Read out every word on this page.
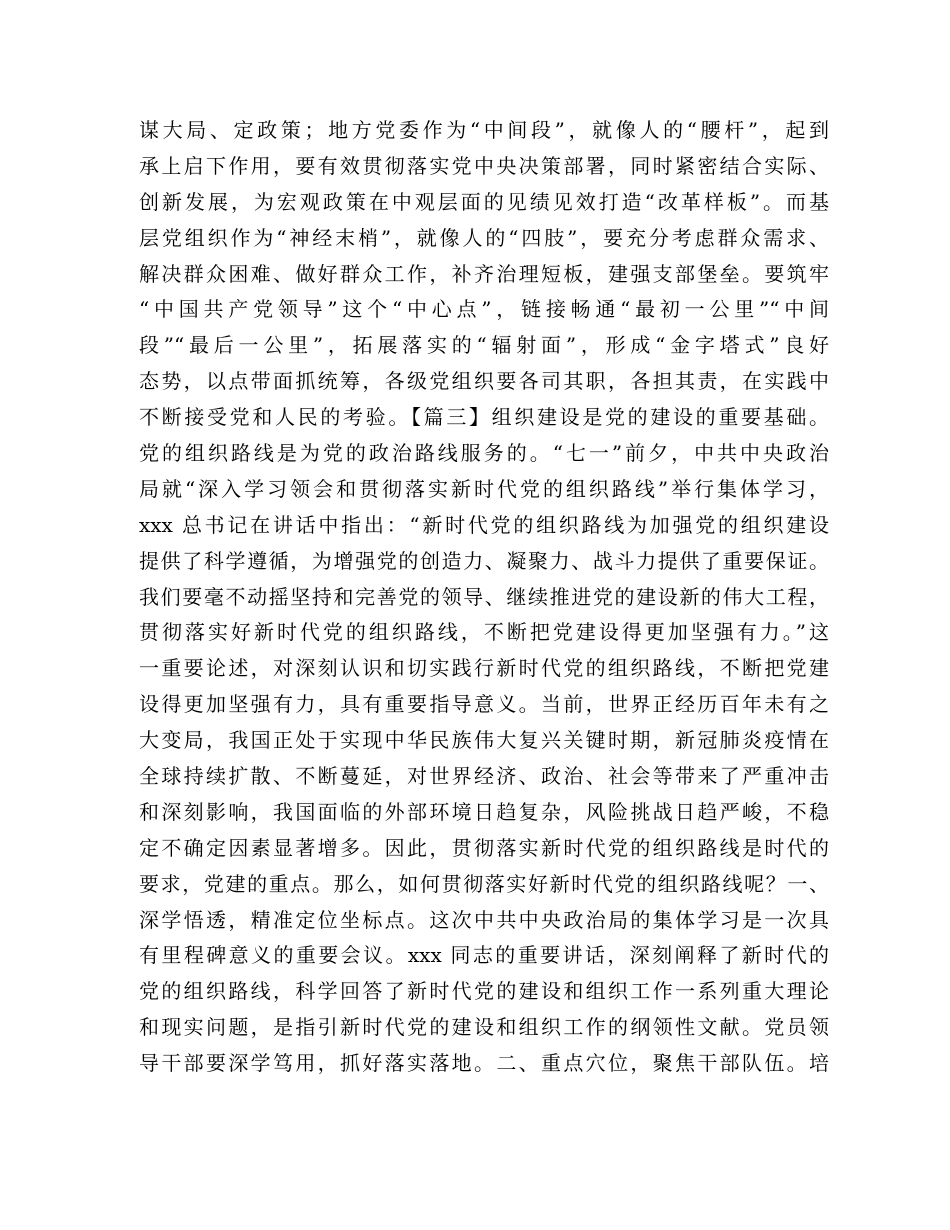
谋大局、定政策；地方党委作为“中间段”，就像人的“腰杆”，起到
承上启下作用，要有效贯彻落实党中央决策部署，同时紧密结合实际、
创新发展，为宏观政策在中观层面的见绩见效打造“改革样板”。而基
层党组织作为“神经末梢”，就像人的“四肢”，要充分考虑群众需求、
解决群众困难、做好群众工作，补齐治理短板，建强支部堡垒。要筑牢
“中国共产党领导”这个“中心点”，链接畅通“最初一公里”“中间
段”“最后一公里”，拓展落实的“辐射面”，形成“金字塔式”良好
态势，以点带面抓统筹，各级党组织要各司其职，各担其责，在实践中
不断接受党和人民的考验。【篇三】组织建设是党的建设的重要基础。
党的组织路线是为党的政治路线服务的。“七一”前夕，中共中央政治
局就“深入学习领会和贯彻落实新时代党的组织路线”举行集体学习，
xxx 总书记在讲话中指出：“新时代党的组织路线为加强党的组织建设
提供了科学遵循，为增强党的创造力、凝聚力、战斗力提供了重要保证。
我们要毫不动摇坚持和完善党的领导、继续推进党的建设新的伟大工程，
贯彻落实好新时代党的组织路线，不断把党建设得更加坚强有力。”这
一重要论述，对深刻认识和切实践行新时代党的组织路线，不断把党建
设得更加坚强有力，具有重要指导意义。当前，世界正经历百年未有之
大变局，我国正处于实现中华民族伟大复兴关键时期，新冠肺炎疫情在
全球持续扩散、不断蔓延，对世界经济、政治、社会等带来了严重冲击
和深刻影响，我国面临的外部环境日趋复杂，风险挑战日趋严峻，不稳
定不确定因素显著增多。因此，贯彻落实新时代党的组织路线是时代的
要求，党建的重点。那么，如何贯彻落实好新时代党的组织路线呢？一、
深学悟透，精准定位坐标点。这次中共中央政治局的集体学习是一次具
有里程碑意义的重要会议。xxx 同志的重要讲话，深刻阐释了新时代的
党的组织路线，科学回答了新时代党的建设和组织工作一系列重大理论
和现实问题，是指引新时代党的建设和组织工作的纲领性文献。党员领
导干部要深学笃用，抓好落实落地。二、重点穴位，聚焦干部队伍。培
